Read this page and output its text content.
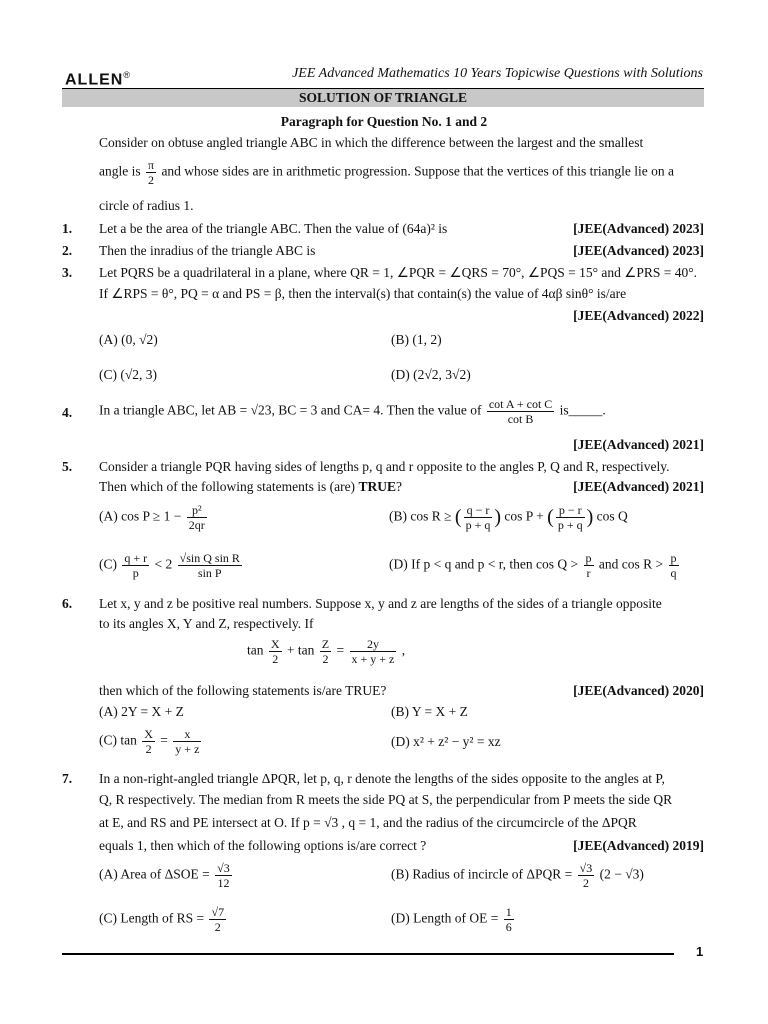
ALLEN®	JEE Advanced Mathematics 10 Years Topicwise Questions with Solutions
SOLUTION OF TRIANGLE
Paragraph for Question No. 1 and 2
Consider on obtuse angled triangle ABC in which the difference between the largest and the smallest
angle is $\frac{\pi}{2}$ and whose sides are in arithmetic progression. Suppose that the vertices of this triangle lie on a
circle of radius 1.
1. Let a be the area of the triangle ABC. Then the value of (64a)² is	[JEE(Advanced) 2023]
2. Then the inradius of the triangle ABC is	[JEE(Advanced) 2023]
3. Let PQRS be a quadrilateral in a plane, where QR = 1, ∠PQR = ∠QRS = 70°, ∠PQS = 15° and ∠PRS = 40°.
If ∠RPS = θ°, PQ = α and PS = β, then the interval(s) that contain(s) the value of 4αβ sinθ° is/are
[JEE(Advanced) 2022]
(A) (0, √2)	(B) (1, 2)
(C) (√2, 3)	(D) (2√2, 3√2)
4. In a triangle ABC, let AB = √23, BC = 3 and CA= 4. Then the value of $\frac{\text{cot A + cot C}}{\text{cot B}}$ is_____.
[JEE(Advanced) 2021]
5. Consider a triangle PQR having sides of lengths p, q and r opposite to the angles P, Q and R, respectively.
Then which of the following statements is (are) TRUE?	[JEE(Advanced) 2021]
(A) $\cos P \ge 1 - \frac{\text{p²}}{2qr}$	(B) cos R ≥ ( $\frac{q - r}{p + q}$ ) cos P + ( $\frac{p - r}{p + q}$ ) cos Q
$(C) \frac{q + r}{p} < 2 \frac{\text{√sin Q sin R}}{\text{sin P}}$	(D) If p < q and p < r, then $\cos Q > \frac{p}{r}$ and $\cos R > \frac{p}{q}$
6. Let x, y and z be positive real numbers. Suppose x, y and z are lengths of the sides of a triangle opposite
to its angles X, Y and Z, respectively. If
$\tan \frac{X}{2} + \tan \frac{Z}{2} = \frac{2y}{x + y + z}$ ,
then which of the following statements is/are TRUE?	[JEE(Advanced) 2020]
(A) 2Y = X + Z	(B) Y = X + Z
(C) $\tan \frac{X}{2} = \frac{x}{y + z}$	(D) x² + z² − y² = xz
7. In a non-right-angled triangle ΔPQR, let p, q, r denote the lengths of the sides opposite to the angles at P,
Q, R respectively. The median from R meets the side PQ at S, the perpendicular from P meets the side QR
at E, and RS and PE intersect at O. If p = √3 , q = 1, and the radius of the circumcircle of the ΔPQR
equals 1, then which of the following options is/are correct ?	[JEE(Advanced) 2019]
(A) Area of $\Delta SOE = \frac{√3}{12}$	(B) Radius of incircle of $\Delta PQR = \frac{√3}{2} (2 - √3)$
(C) Length of RS = $\frac{√7}{2}$	(D) Length of OE = $\frac{1}{6}$
1
